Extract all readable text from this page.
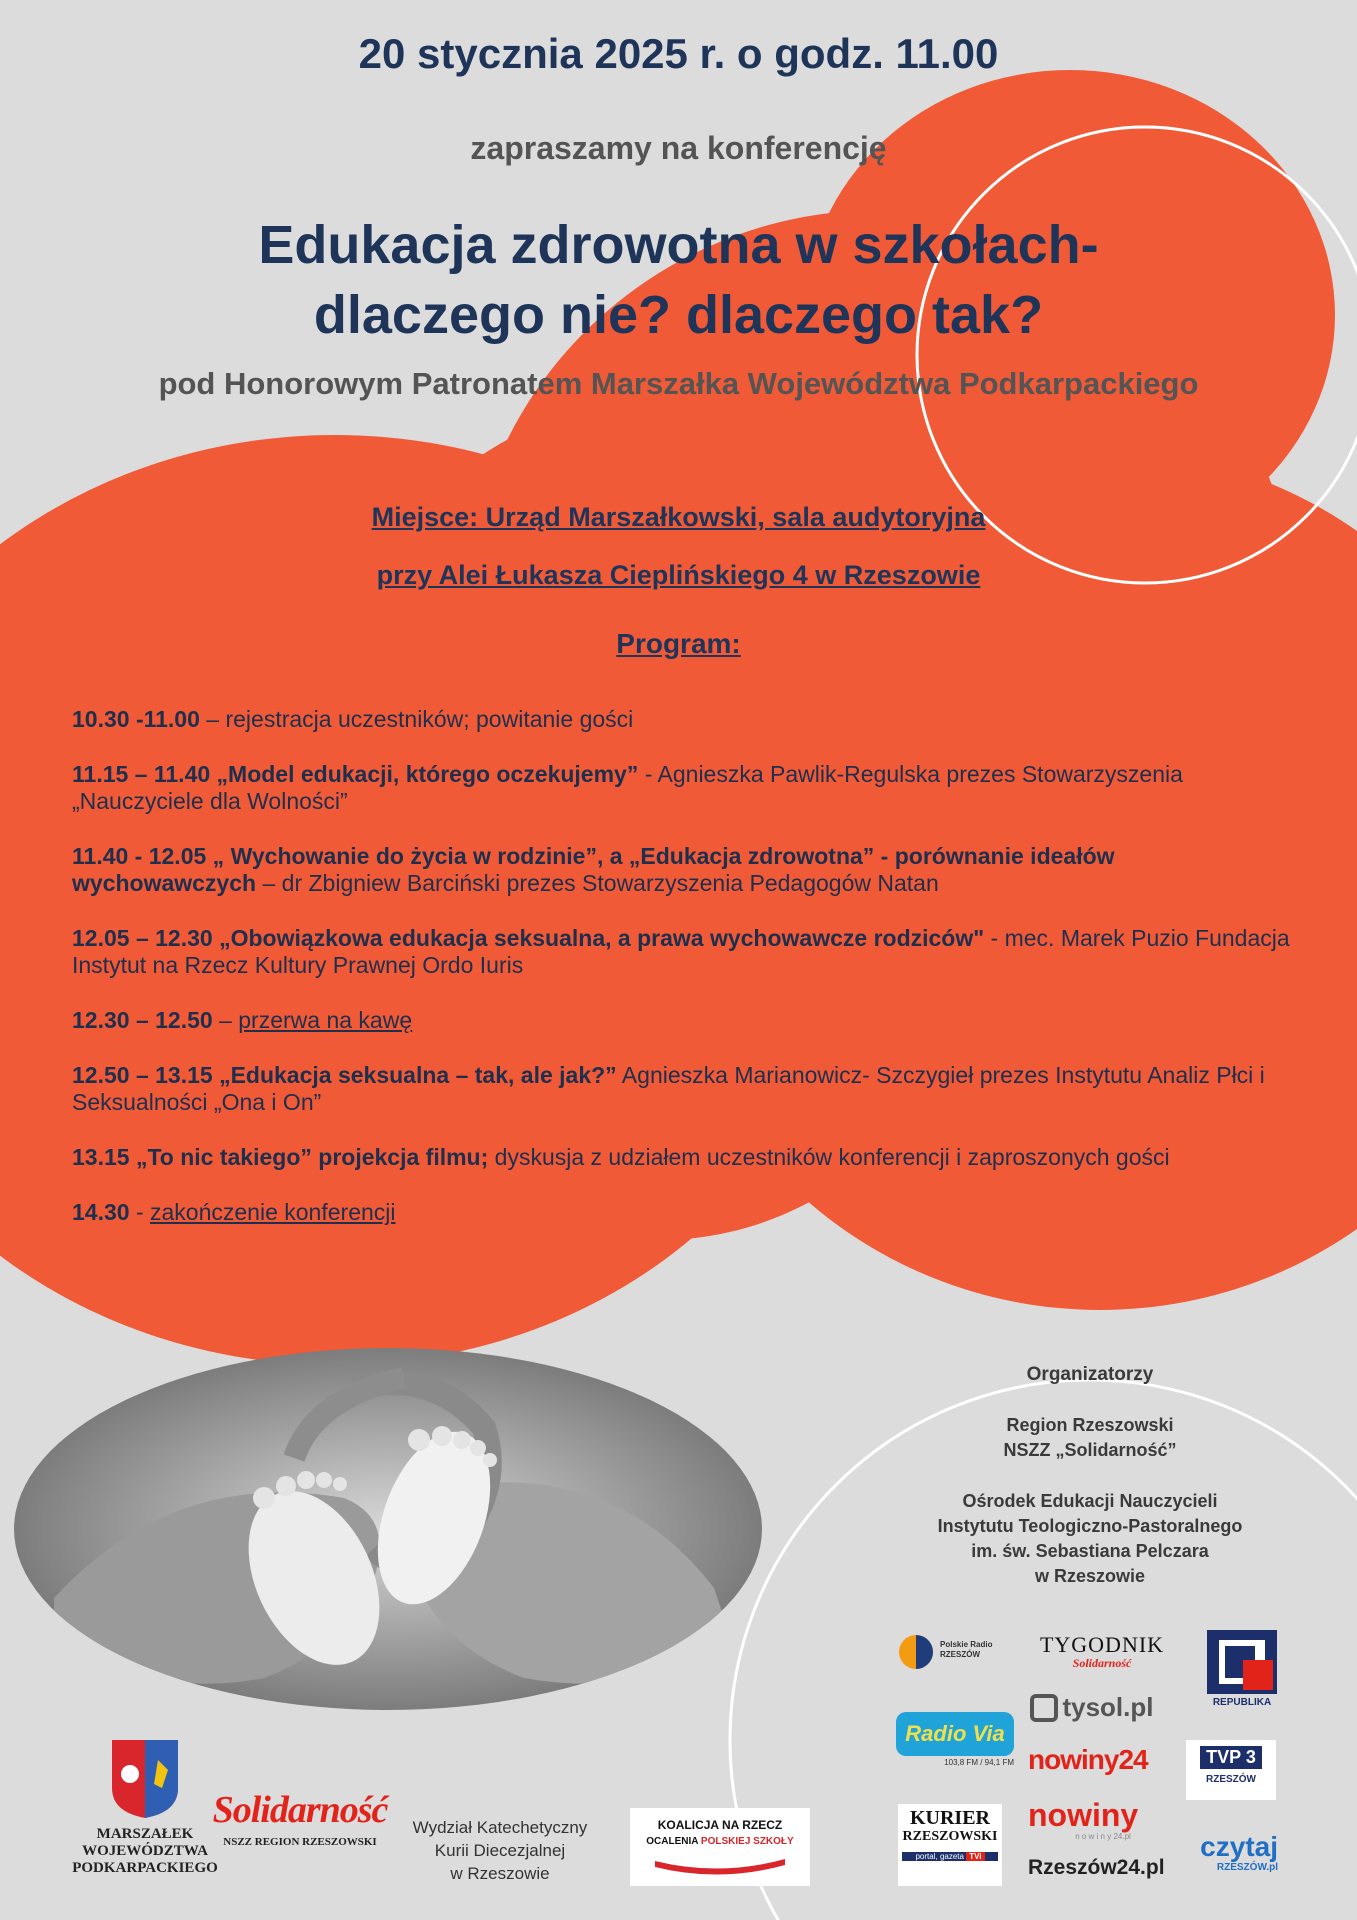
20 stycznia 2025 r. o godz. 11.00
zapraszamy na konferencję
Edukacja zdrowotna w szkołach-
dlaczego nie? dlaczego tak?
pod Honorowym Patronatem Marszałka Województwa Podkarpackiego
Miejsce: Urząd Marszałkowski, sala audytoryjna
przy Alei Łukasza Cieplińskiego 4 w Rzeszowie
Program:
10.30 -11.00 – rejestracja uczestników; powitanie gości
11.15 – 11.40 „Model edukacji, którego oczekujemy” - Agnieszka Pawlik-Regulska prezes Stowarzyszenia „Nauczyciele dla Wolności”
11.40 - 12.05 „ Wychowanie do życia w rodzinie”, a „Edukacja zdrowotna” - porównanie ideałów wychowawczych – dr Zbigniew Barciński prezes Stowarzyszenia Pedagogów Natan
12.05 – 12.30 „Obowiązkowa edukacja seksualna, a prawa wychowawcze rodziców" - mec. Marek Puzio Fundacja Instytut na Rzecz Kultury Prawnej Ordo Iuris
12.30 – 12.50 – przerwa na kawę
12.50 – 13.15 „Edukacja seksualna – tak, ale jak?” Agnieszka Marianowicz- Szczygieł prezes Instytutu Analiz Płci i Seksualności „Ona i On”
13.15 „To nic takiego” projekcja filmu; dyskusja z udziałem uczestników konferencji i zaproszonych gości
14.30 - zakończenie konferencji
Organizatorzy
Region Rzeszowski
NSZZ „Solidarność”
Ośrodek Edukacji Nauczycieli
Instytutu Teologiczno-Pastoralnego
im. św. Sebastiana Pelczara
w Rzeszowie
MARSZAŁEK
WOJEWÓDZTWA
PODKARPACKIEGO
Solidarność
NSZZ REGION RZESZOWSKI
Wydział Katechetyczny
Kurii Diecezjalnej
w Rzeszowie
KOALICJA NA RZECZ
OCALENIA POLSKIEJ SZKOŁY
Polskie Radio
RZESZÓW	TYGODNIK
Solidarność
REPUBLIKA
tysol.pl
Radio Via
103,8 FM / 94,1 FM nowiny24	TVP 3
RZESZÓW
KURIER
RZESZOWSKI
portal, gazeta TVi
nowiny
n o w i n y 24.pl
Rzeszów24.pl
czytaj
RZESZÓW.pl
